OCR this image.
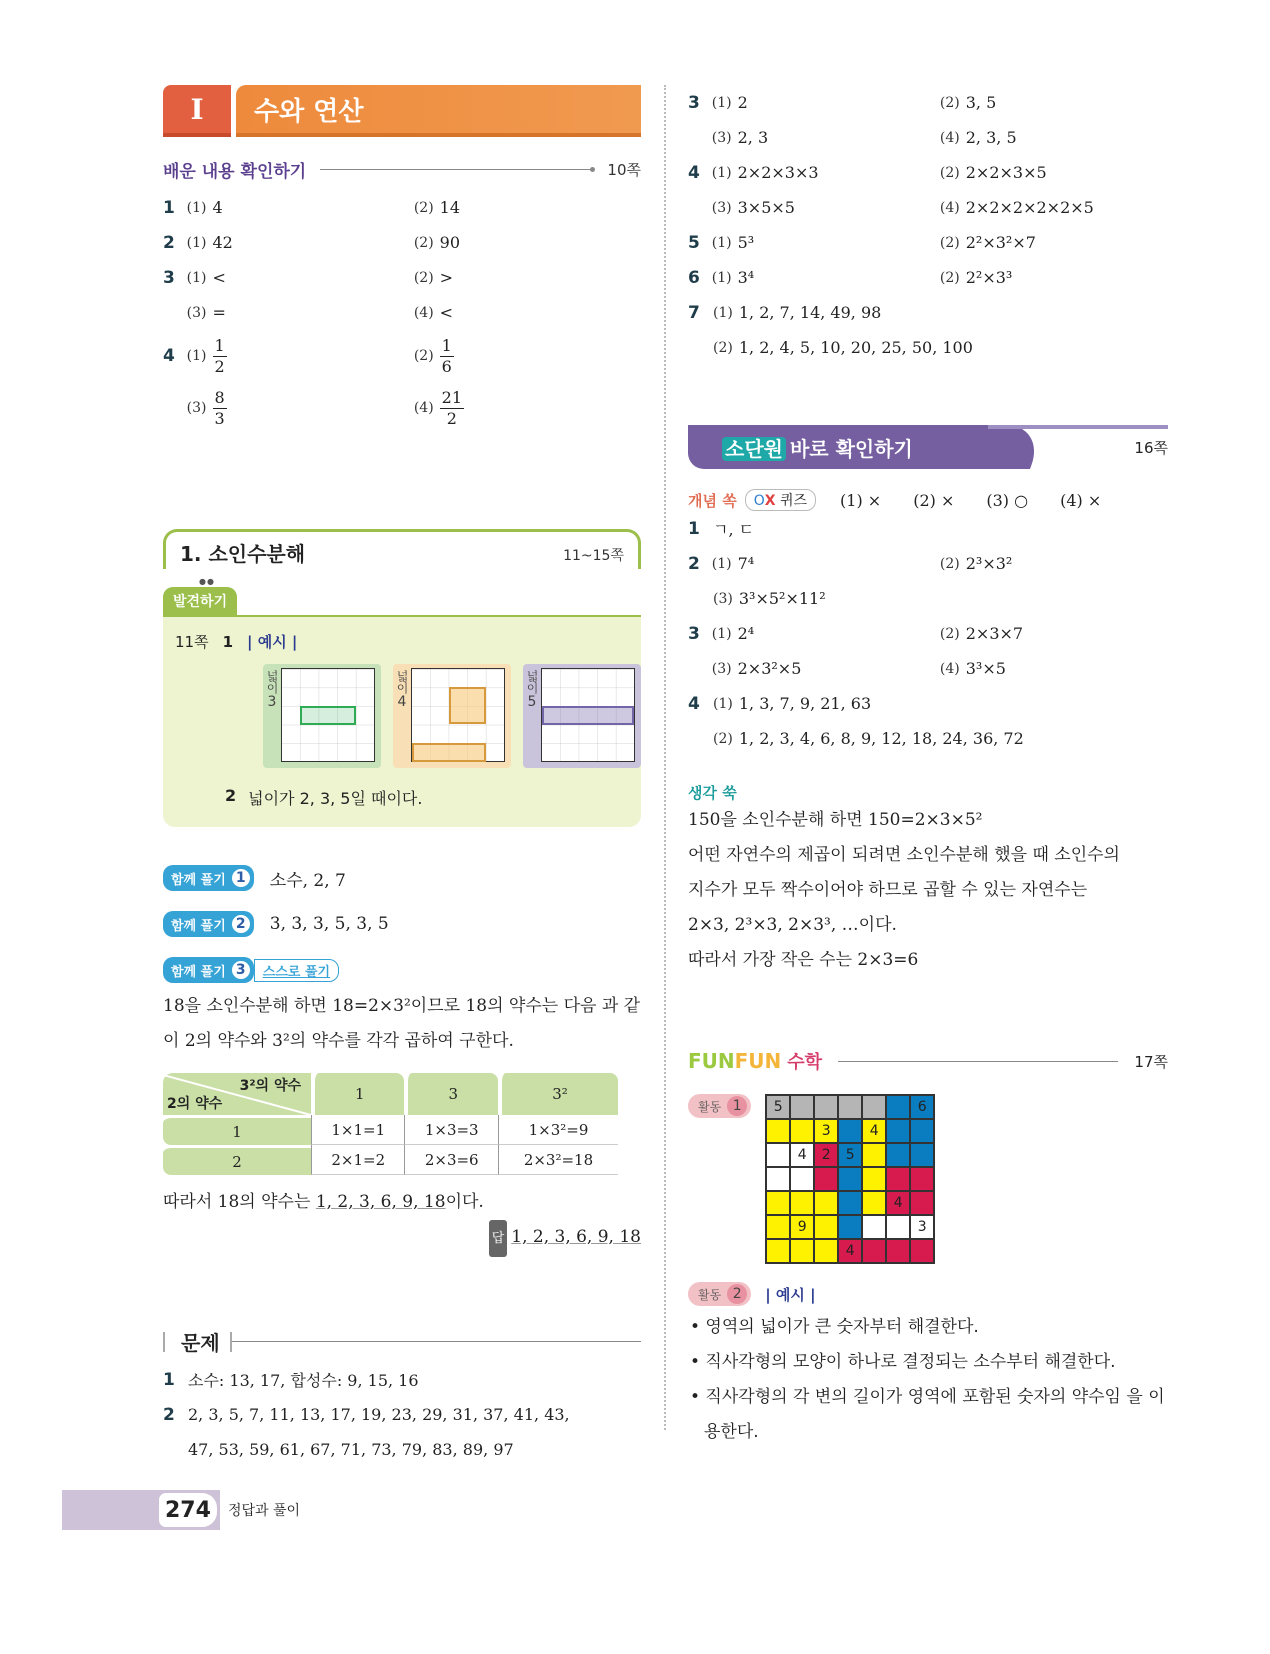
I	수와 연산
배운 내용 확인하기	10쪽
1 (1) 4	(2) 14
2 (1) 42	(2) 90
3 (1) <	(2) >
(3) =	(4) <
4 $(1) \frac{1}{2}$	$(2) \frac{1}{6}$
$(3) \frac{8}{3}$	$(4) \frac{21}{2}$
1. 소인수분해	11~15쪽
●● 발견하기
11쪽 1 | 예시 |
넓이3
넓이4
넓이5
2 넓이가 2, 3, 5일 때이다.
함께 풀기 1	소수, 2, 7
함께 풀기 2	3, 3, 3, 5, 3, 5
함께 풀기 3	스스로 풀기
18을 소인수분해 하면 18=2×3²이므로 18의 약수는 다음 과 같이 2의 약수와 3²의 약수를 각각 곱하여 구한다.
3²의 약수
2의 약수	1	3	3²
1	1×1=1	1×3=3	1×3²=9
2	2×1=2	2×3=6	2×3²=18
따라서 18의 약수는 1, 2, 3, 6, 9, 18이다.
답 1, 2, 3, 6, 9, 18
문제
1 소수: 13, 17, 합성수: 9, 15, 16
2 2, 3, 5, 7, 11, 13, 17, 19, 23, 29, 31, 37, 41, 43,
47, 53, 59, 61, 67, 71, 73, 79, 83, 89, 97
3 (1) 2	(2) 3, 5
(3) 2, 3	(4) 2, 3, 5
4 (1) 2×2×3×3	(2) 2×2×3×5
(3) 3×5×5	(4) 2×2×2×2×2×5
5 (1) 5³	(2) 2²×3²×7
6 (1) 3⁴	(2) 2²×3³
7 (1) 1, 2, 7, 14, 49, 98
(2) 1, 2, 4, 5, 10, 20, 25, 50, 100
소단원 바로 확인하기	16쪽
개념 쏙	OX 퀴즈	(1) × (2) × (3) ○ (4) ×
1 ㄱ, ㄷ
2 (1) 7⁴	(2) 2³×3²
(3) 3³×5²×11²
3 (1) 2⁴	(2) 2×3×7
(3) 2×3²×5	(4) 3³×5
4 (1) 1, 3, 7, 9, 21, 63
(2) 1, 2, 3, 4, 6, 8, 9, 12, 18, 24, 36, 72
생각 쑥
150을 소인수분해 하면 150=2×3×5²
어떤 자연수의 제곱이 되려면 소인수분해 했을 때 소인수의
지수가 모두 짝수이어야 하므로 곱할 수 있는 자연수는
2×3, 2³×3, 2×3³, …이다.
따라서 가장 작은 수는 2×3=6
FUNFUN 수학	17쪽
활동 1	5	6
3	4
4	2	5
4
9	3
4
활동 2	| 예시 |
• 영역의 넓이가 큰 숫자부터 해결한다.
• 직사각형의 모양이 하나로 결정되는 소수부터 해결한다.
• 직사각형의 각 변의 길이가 영역에 포함된 숫자의 약수임 을 이용한다.
274	정답과 풀이
